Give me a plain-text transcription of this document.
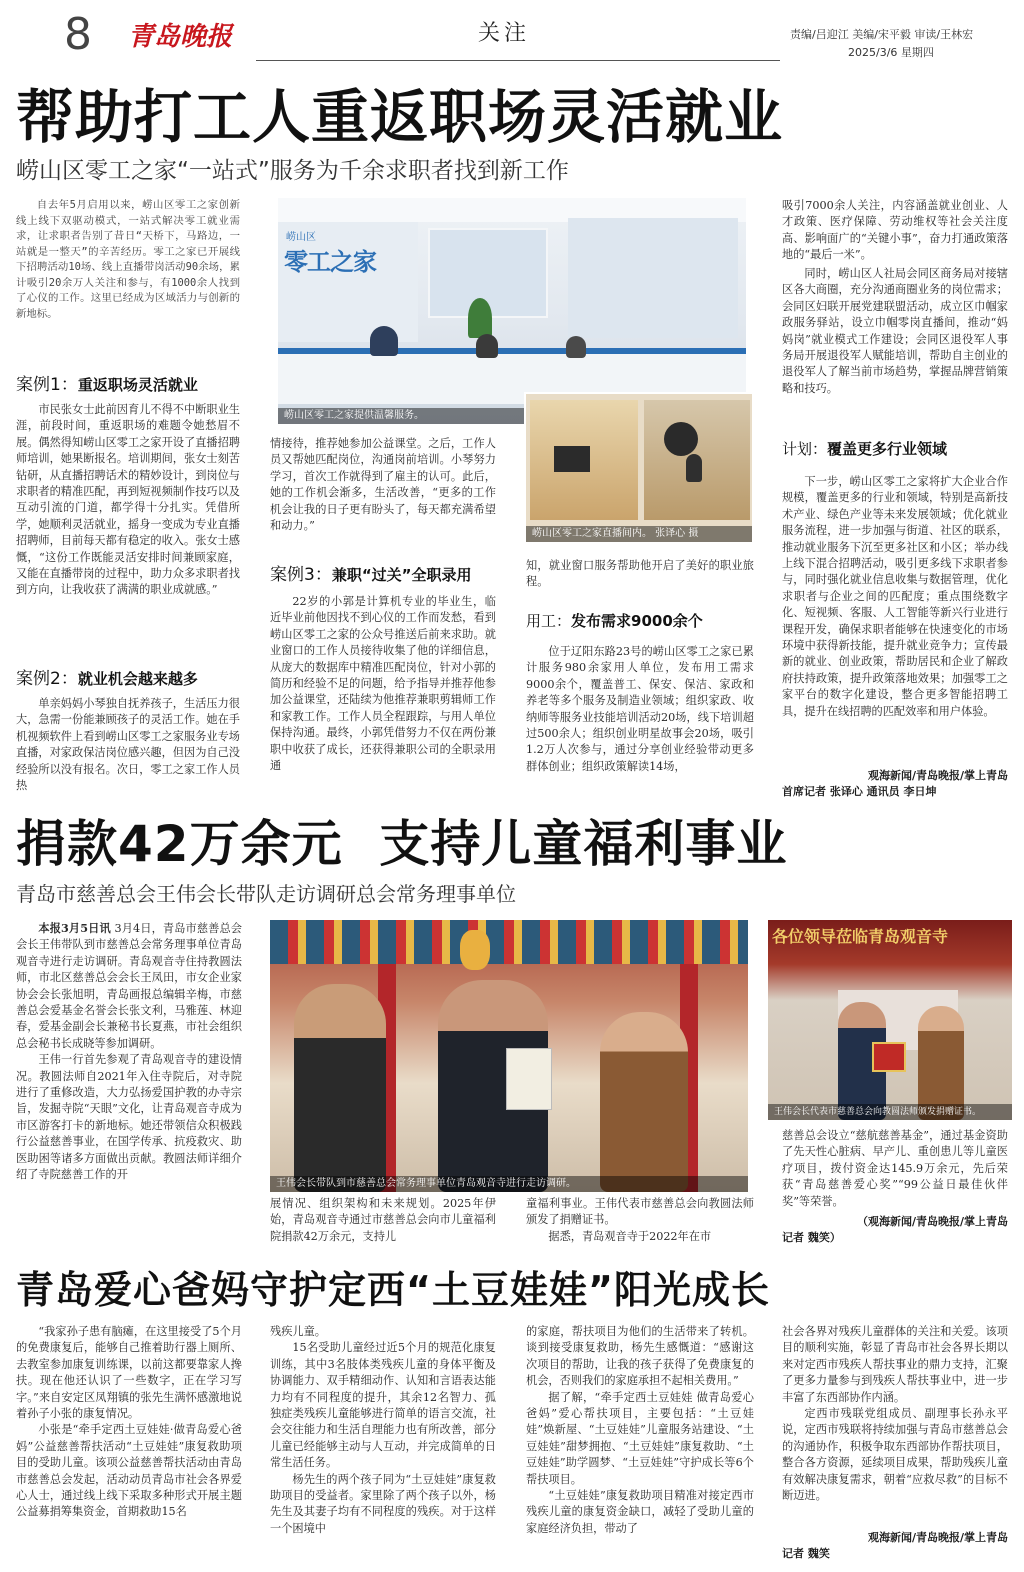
8 青岛晚报	关注	责编/吕迎江 美编/宋平毅 审读/王林宏
2025/3/6 星期四
帮助打工人重返职场灵活就业
崂山区零工之家“一站式”服务为千余求职者找到新工作

自去年5月启用以来，崂山区零工之家创新线上线下双驱动模式，一站式解决零工就业需求，让求职者告别了昔日“天桥下，马路边，一站就是一整天”的辛苦经历。零工之家已开展线下招聘活动10场、线上直播带岗活动90余场，累计吸引20余万人关注和参与，有1000余人找到了心仪的工作。这里已经成为区域活力与创新的新地标。

案例1：重返职场灵活就业

市民张女士此前因育儿不得不中断职业生涯，前段时间，重返职场的难题令她愁眉不展。偶然得知崂山区零工之家开设了直播招聘师培训，她果断报名。培训期间，张女士刻苦钻研，从直播招聘话术的精妙设计，到岗位与求职者的精准匹配，再到短视频制作技巧以及互动引流的门道，都学得十分扎实。凭借所学，她顺利灵活就业，摇身一变成为专业直播招聘师，目前每天都有稳定的收入。张女士感慨，“这份工作既能灵活安排时间兼顾家庭，又能在直播带岗的过程中，助力众多求职者找到方向，让我收获了满满的职业成就感。”

案例2：就业机会越来越多

单亲妈妈小琴独自抚养孩子，生活压力很大，急需一份能兼顾孩子的灵活工作。她在手机视频软件上看到崂山区零工之家服务业专场直播，对家政保洁岗位感兴趣，但因为自己没经验所以没有报名。次日，零工之家工作人员热

崂山区
零工之家
崂山区零工之家提供温馨服务。
崂山区零工之家直播间内。 张译心 摄

情接待，推荐她参加公益课堂。之后，工作人员又帮她匹配岗位，沟通岗前培训。小琴努力学习，首次工作就得到了雇主的认可。此后，她的工作机会渐多，生活改善，“更多的工作机会让我的日子更有盼头了，每天都充满希望和动力。”

案例3：兼职“过关”全职录用

22岁的小郭是计算机专业的毕业生，临近毕业前他因找不到心仪的工作而发愁，看到崂山区零工之家的公众号推送后前来求助。就业窗口的工作人员接待收集了他的详细信息，从庞大的数据库中精准匹配岗位，针对小郭的简历和经验不足的问题，给予指导并推荐他参加公益课堂，还陆续为他推荐兼职剪辑师工作和家教工作。工作人员全程跟踪，与用人单位保持沟通。最终，小郭凭借努力不仅在两份兼职中收获了成长，还获得兼职公司的全职录用通

知，就业窗口服务帮助他开启了美好的职业旅程。

用工：发布需求9000余个

位于辽阳东路23号的崂山区零工之家已累计服务980余家用人单位，发布用工需求9000余个，覆盖普工、保安、保洁、家政和养老等多个服务及制造业领域；组织家政、收纳师等服务业技能培训活动20场，线下培训超过500余人；组织创业明星故事会20场，吸引1.2万人次参与，通过分享创业经验带动更多群体创业；组织政策解读14场，

吸引7000余人关注，内容涵盖就业创业、人才政策、医疗保障、劳动维权等社会关注度高、影响面广的“关键小事”，奋力打通政策落地的“最后一米”。

同时，崂山区人社局会同区商务局对接辖区各大商圈，充分沟通商圈业务的岗位需求；会同区妇联开展党建联盟活动，成立区巾帼家政服务驿站，设立巾帼零岗直播间，推动“妈妈岗”就业模式工作建设；会同区退役军人事务局开展退役军人赋能培训，帮助自主创业的退役军人了解当前市场趋势，掌握品牌营销策略和技巧。

计划：覆盖更多行业领域

下一步，崂山区零工之家将扩大企业合作规模，覆盖更多的行业和领域，特别是高新技术产业、绿色产业等未来发展领域；优化就业服务流程，进一步加强与街道、社区的联系，推动就业服务下沉至更多社区和小区；举办线上线下混合招聘活动，吸引更多线下求职者参与，同时强化就业信息收集与数据管理，优化求职者与企业之间的匹配度；重点围绕数字化、短视频、客服、人工智能等新兴行业进行课程开发，确保求职者能够在快速变化的市场环境中获得新技能，提升就业竞争力；宣传最新的就业、创业政策，帮助居民和企业了解政府扶持政策，提升政策落地效果；加强零工之家平台的数字化建设，整合更多智能招聘工具，提升在线招聘的匹配效率和用户体验。

观海新闻/青岛晚报/掌上青岛
首席记者 张译心 通讯员 李日坤
捐款42万余元  支持儿童福利事业
青岛市慈善总会王伟会长带队走访调研总会常务理事单位

本报3月5日讯 3月4日，青岛市慈善总会会长王伟带队到市慈善总会常务理事单位青岛观音寺进行走访调研。青岛观音寺住持教圆法师，市北区慈善总会会长王凤田，市女企业家协会会长张旭明，青岛画报总编辑辛梅，市慈善总会爱基金名誉会长张文利，马雅莲、林迎春，爱基金副会长兼秘书长夏燕，市社会组织总会秘书长成晓等参加调研。

王伟一行首先参观了青岛观音寺的建设情况。教圆法师自2021年入住寺院后，对寺院进行了重修改造，大力弘扬爱国护教的办寺宗旨，发掘寺院“天眼”文化，让青岛观音寺成为市区游客打卡的新地标。她还带领信众积极践行公益慈善事业，在国学传承、抗疫救灾、助医助困等诸多方面做出贡献。教圆法师详细介绍了寺院慈善工作的开

王伟会长带队到市慈善总会常务理事单位青岛观音寺进行走访调研。

展情况、组织架构和未来规划。2025年伊始，青岛观音寺通过市慈善总会向市儿童福利院捐款42万余元，支持儿

童福利事业。王伟代表市慈善总会向教圆法师颁发了捐赠证书。

据悉，青岛观音寺于2022年在市

各位领导莅临青岛观音寺
王伟会长代表市慈善总会向教圆法师颁发捐赠证书。

慈善总会设立“慈航慈善基金”，通过基金资助了先天性心脏病、早产儿、重创患儿等儿童医疗项目，拨付资金达145.9万余元，先后荣获“青岛慈善爱心奖”“99公益日最佳伙伴奖”等荣誉。

（观海新闻/青岛晚报/掌上青岛
记者 魏笑）
青岛爱心爸妈守护定西“土豆娃娃”阳光成长

“我家孙子患有脑瘫，在这里接受了5个月的免费康复后，能够自己推着助行器上厕所、去教室参加康复训练课，以前这都要靠家人搀扶。现在他还认识了一些数字，正在学习写字。”来自安定区凤翔镇的张先生满怀感激地说着孙子小张的康复情况。

小张是“牵手定西土豆娃娃·做青岛爱心爸妈”公益慈善帮扶活动“土豆娃娃”康复救助项目的受助儿童。该项公益慈善帮扶活动由青岛市慈善总会发起，活动动员青岛市社会各界爱心人士，通过线上线下采取多种形式开展主题公益募捐筹集资金，首期救助15名

残疾儿童。

15名受助儿童经过近5个月的规范化康复训练，其中3名肢体类残疾儿童的身体平衡及协调能力、双手精细动作、认知和言语表达能力均有不同程度的提升，其余12名智力、孤独症类残疾儿童能够进行简单的语言交流，社会交往能力和生活自理能力也有所改善，部分儿童已经能够主动与人互动，并完成简单的日常生活任务。

杨先生的两个孩子同为“土豆娃娃”康复救助项目的受益者。家里除了两个孩子以外，杨先生及其妻子均有不同程度的残疾。对于这样一个困境中

的家庭，帮扶项目为他们的生活带来了转机。谈到接受康复救助，杨先生感慨道：“感谢这次项目的帮助，让我的孩子获得了免费康复的机会，否则我们的家庭承担不起相关费用。”

据了解，“牵手定西土豆娃娃 做青岛爱心爸妈”爱心帮扶项目，主要包括：“土豆娃娃”焕新屋、“土豆娃娃”儿童服务站建设、“土豆娃娃”甜梦拥抱、“土豆娃娃”康复救助、“土豆娃娃”助学圆梦、“土豆娃娃”守护成长等6个帮扶项目。

“土豆娃娃”康复救助项目精准对接定西市残疾儿童的康复资金缺口，减轻了受助儿童的家庭经济负担，带动了

社会各界对残疾儿童群体的关注和关爱。该项目的顺利实施，彰显了青岛市社会各界长期以来对定西市残疾人帮扶事业的鼎力支持，汇聚了更多力量参与到残疾人帮扶事业中，进一步丰富了东西部协作内涵。

定西市残联党组成员、副理事长孙永平说，定西市残联将持续加强与青岛市慈善总会的沟通协作，积极争取东西部协作帮扶项目，整合各方资源，延续项目成果，帮助残疾儿童有效解决康复需求，朝着“应救尽救”的目标不断迈进。

观海新闻/青岛晚报/掌上青岛
记者 魏笑
